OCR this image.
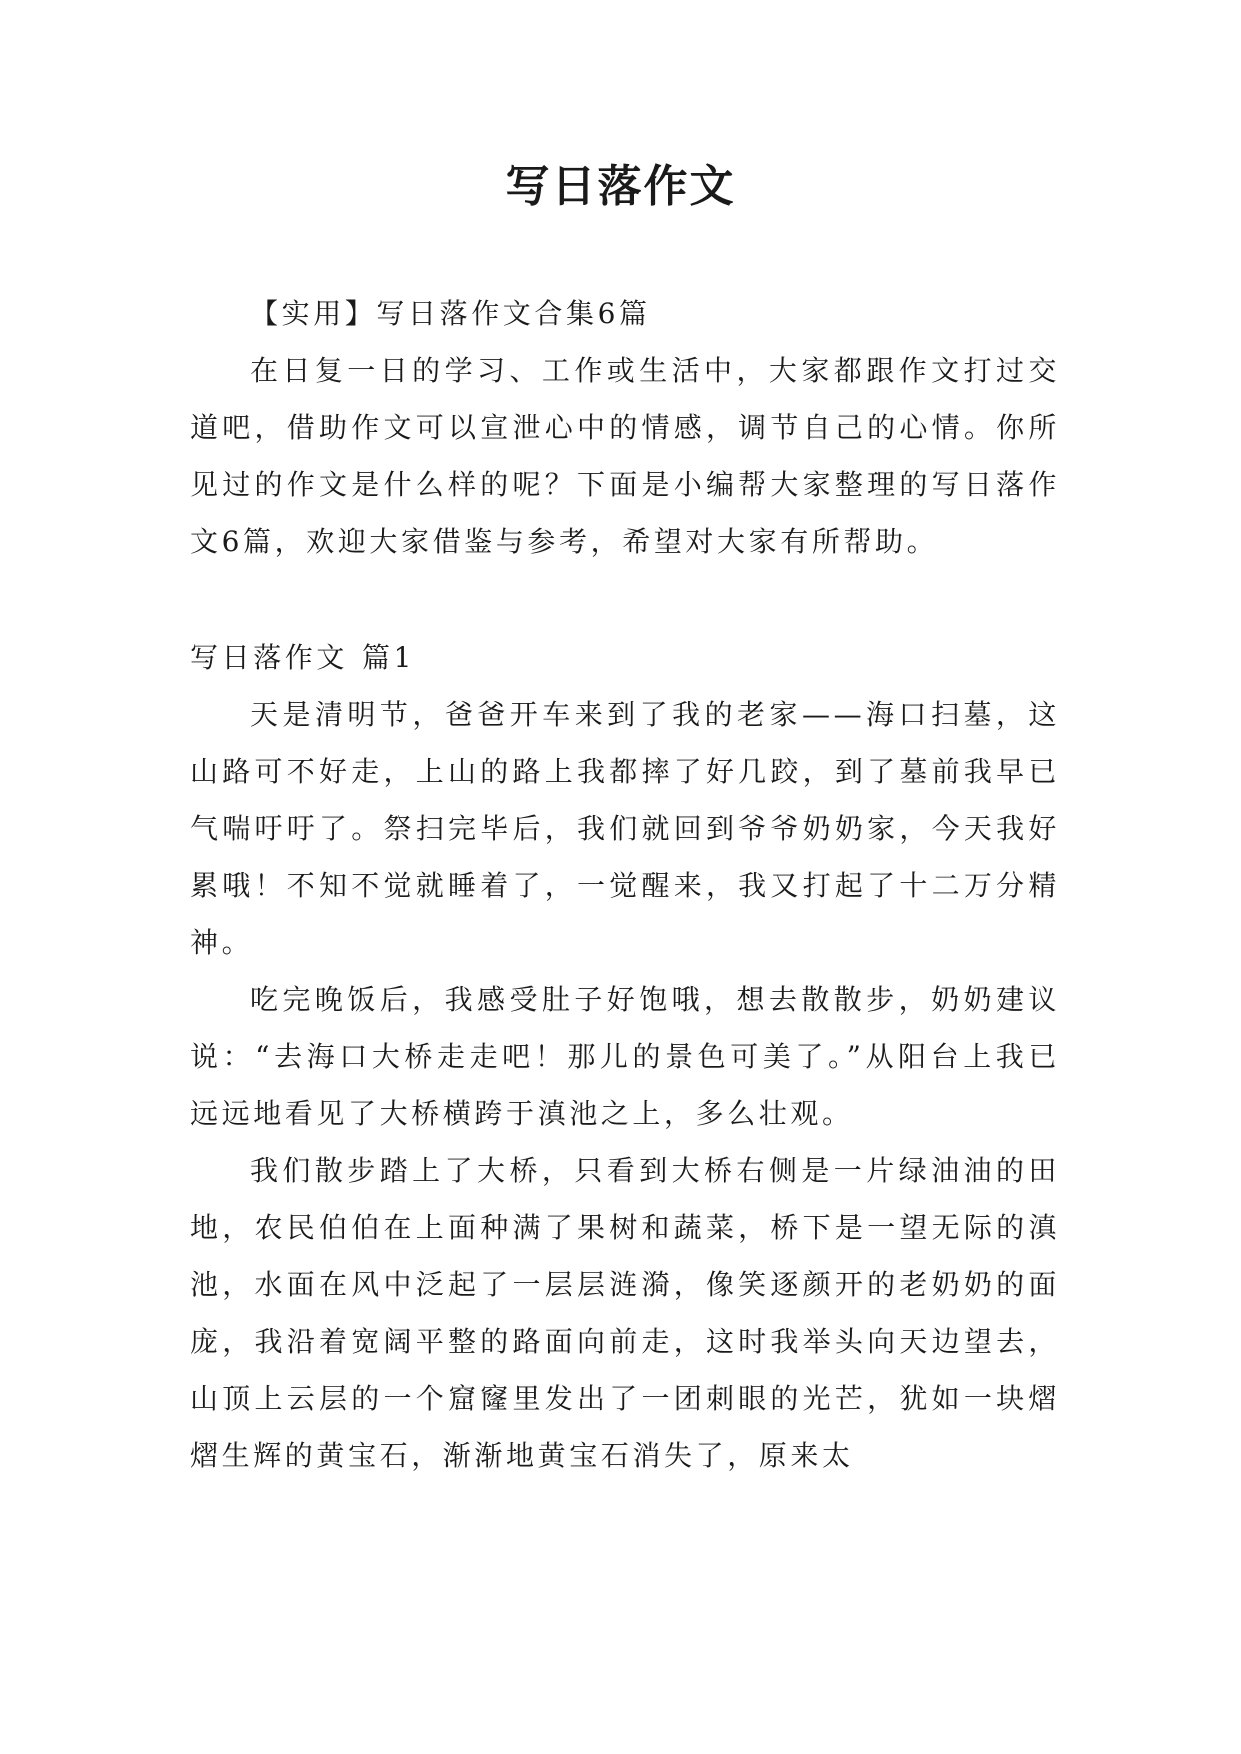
写日落作文

【实用】写日落作文合集6篇

在日复一日的学习、工作或生活中，大家都跟作文打过交道吧，借助作文可以宣泄心中的情感，调节自己的心情。你所见过的作文是什么样的呢？下面是小编帮大家整理的写日落作文6篇，欢迎大家借鉴与参考，希望对大家有所帮助。

写日落作文 篇1

天是清明节，爸爸开车来到了我的老家——海口扫墓，这山路可不好走，上山的路上我都摔了好几跤，到了墓前我早已气喘吁吁了。祭扫完毕后，我们就回到爷爷奶奶家，今天我好累哦！不知不觉就睡着了，一觉醒来，我又打起了十二万分精神。

吃完晚饭后，我感受肚子好饱哦，想去散散步，奶奶建议说：“去海口大桥走走吧！那儿的景色可美了。”从阳台上我已远远地看见了大桥横跨于滇池之上，多么壮观。

我们散步踏上了大桥，只看到大桥右侧是一片绿油油的田地，农民伯伯在上面种满了果树和蔬菜，桥下是一望无际的滇池，水面在风中泛起了一层层涟漪，像笑逐颜开的老奶奶的面庞，我沿着宽阔平整的路面向前走，这时我举头向天边望去，山顶上云层的一个窟窿里发出了一团刺眼的光芒，犹如一块熠熠生辉的黄宝石，渐渐地黄宝石消失了，原来太
